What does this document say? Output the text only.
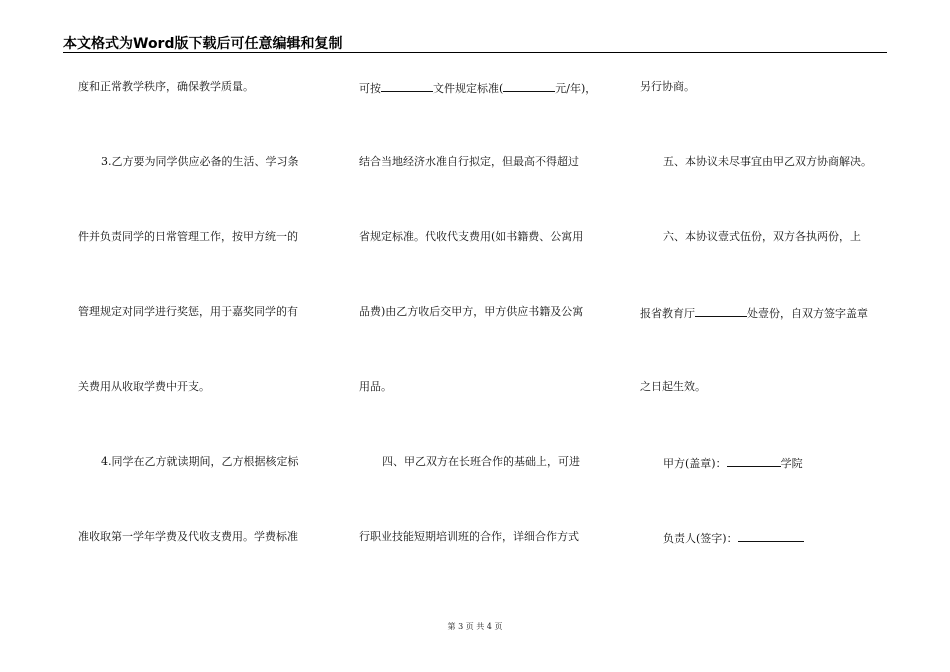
本文格式为Word版下载后可任意编辑和复制
度和正常教学秩序，确保教学质量。
3.乙方要为同学供应必备的生活、学习条
件并负责同学的日常管理工作，按甲方统一的
管理规定对同学进行奖惩，用于嘉奖同学的有
关费用从收取学费中开支。
4.同学在乙方就读期间，乙方根据核定标
准收取第一学年学费及代收支费用。学费标准
可按	文件规定标准(	元/年)，
结合当地经济水准自行拟定，但最高不得超过
省规定标准。代收代支费用(如书籍费、公寓用
品费)由乙方收后交甲方，甲方供应书籍及公寓
用品。
四、甲乙双方在长班合作的基础上，可进
行职业技能短期培训班的合作，详细合作方式
另行协商。
五、本协议未尽事宜由甲乙双方协商解决。
六、本协议壹式伍份，双方各执两份，上
报省教育厅	处壹份，自双方签字盖章
之日起生效。
甲方(盖章)：	学院
负责人(签字)：
第 3 页 共 4 页
